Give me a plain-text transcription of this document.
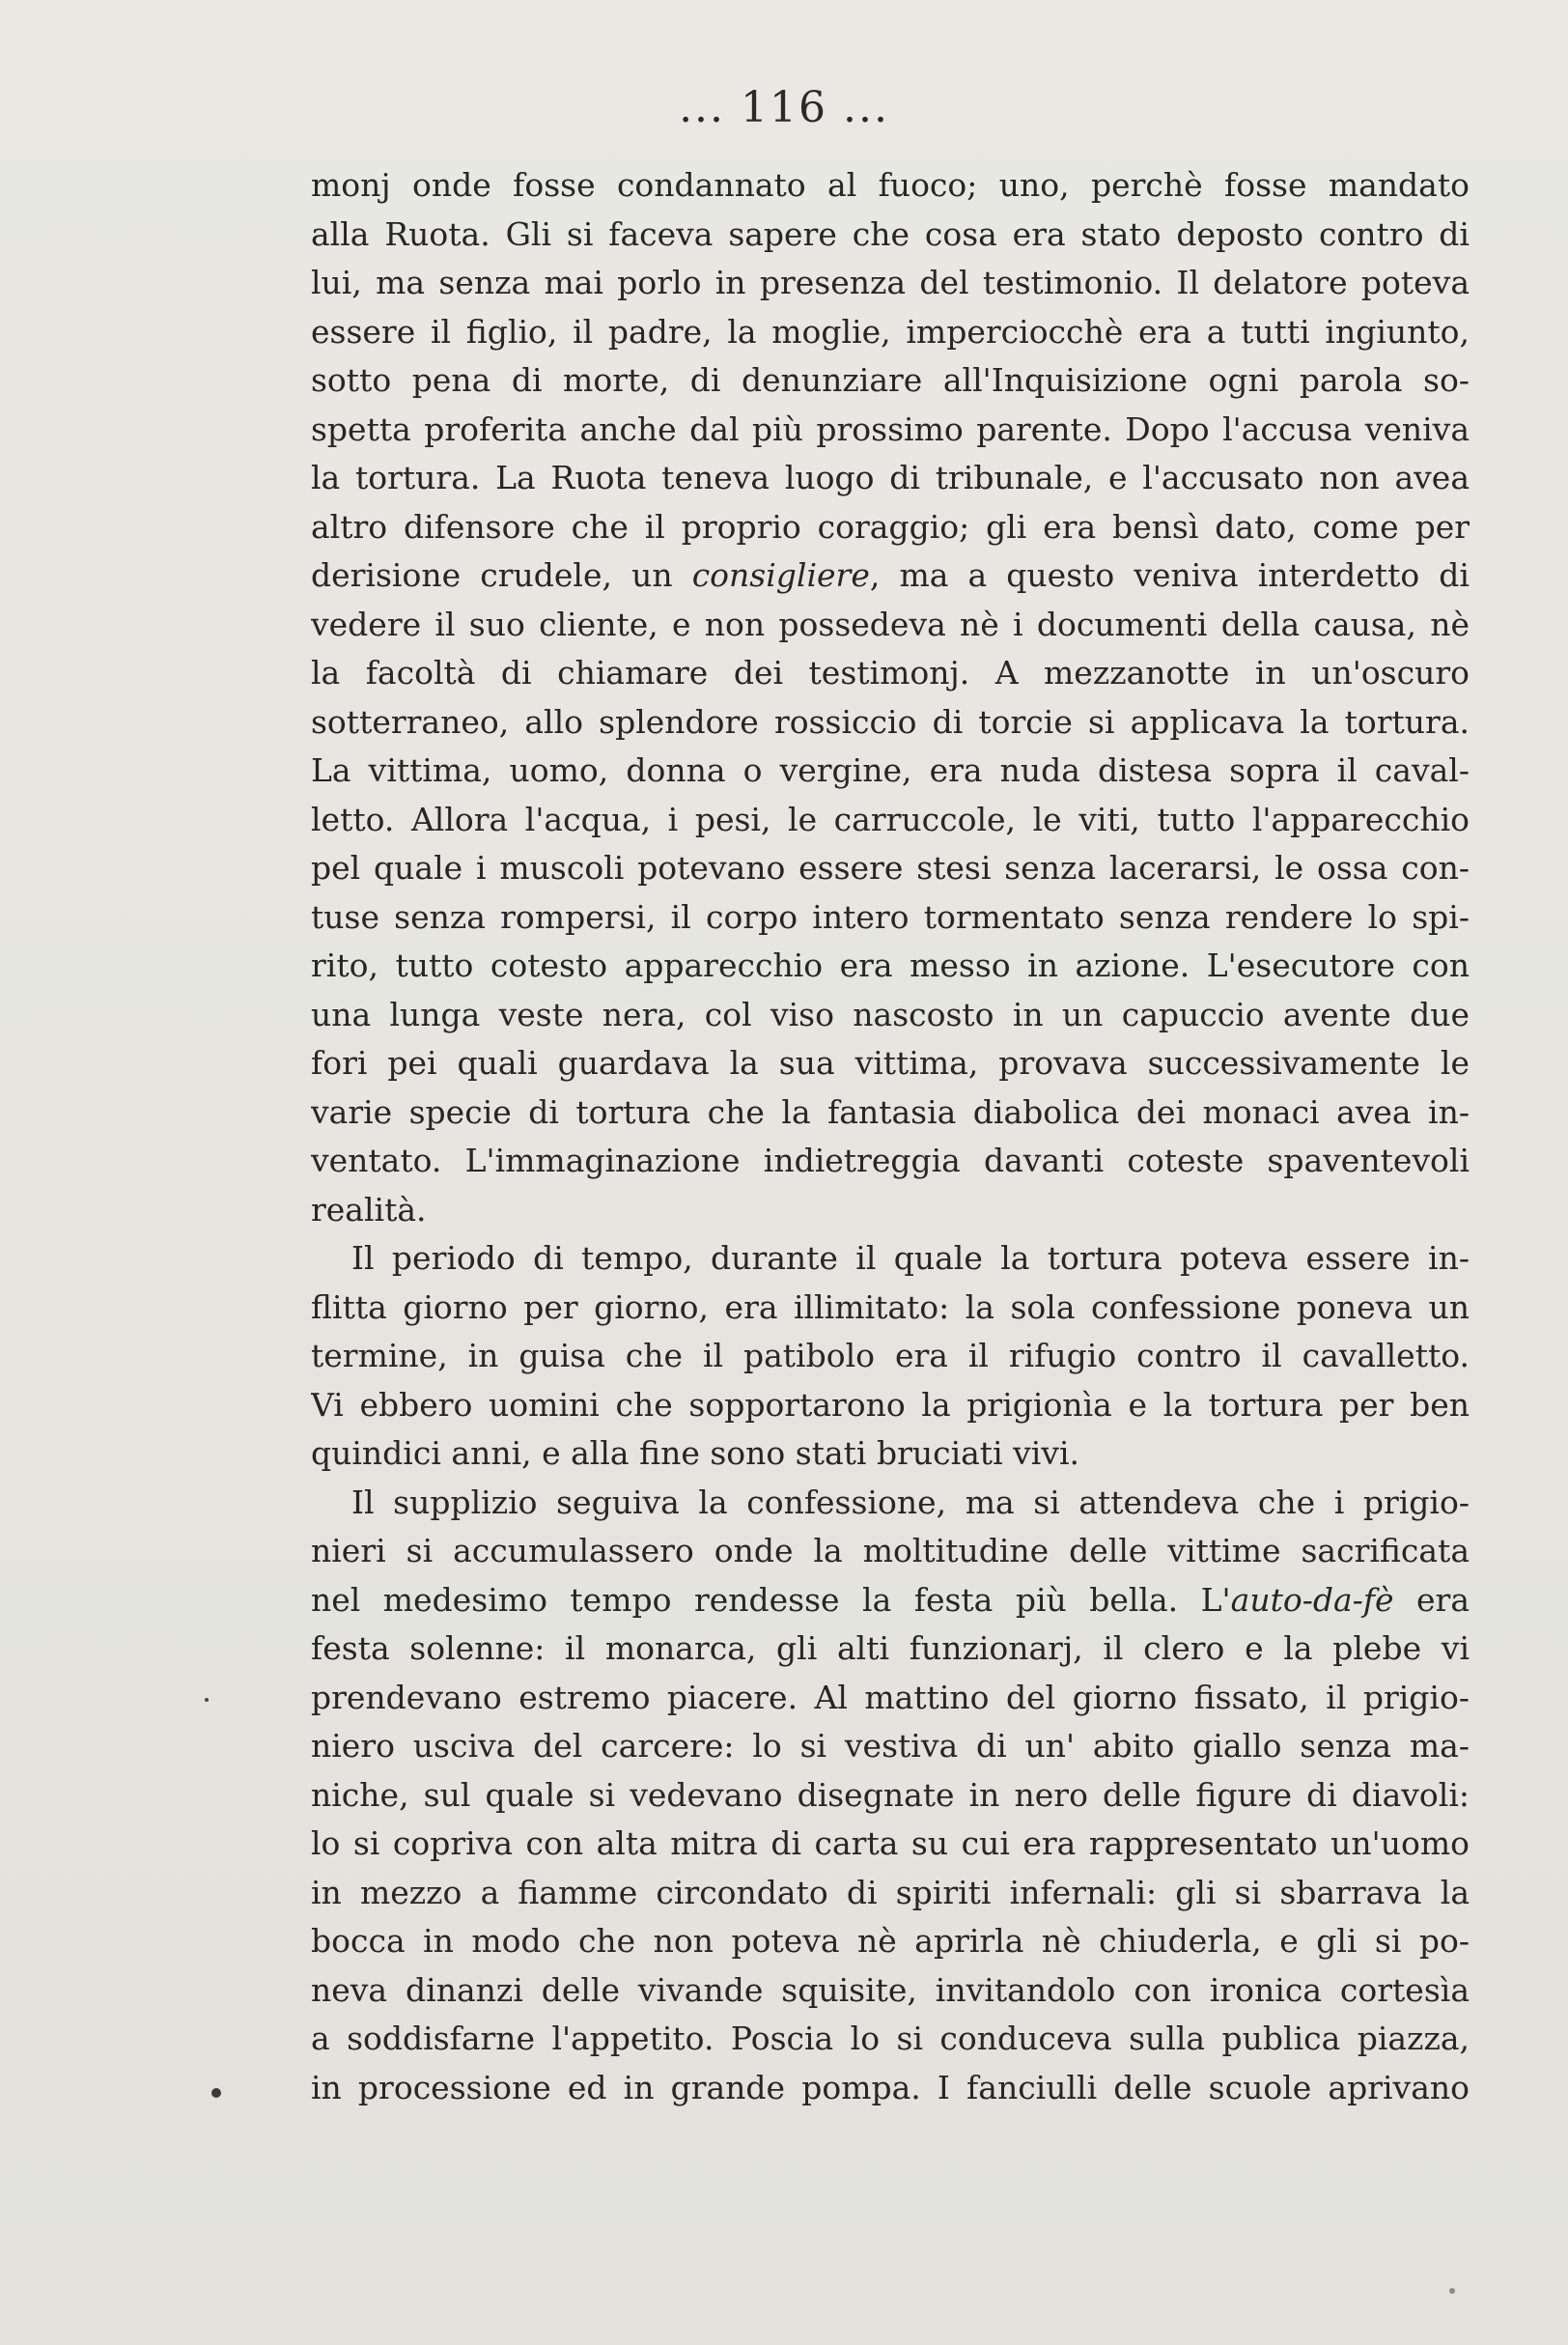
... 116 ...
monj onde fosse condannato al fuoco; uno, perchè fosse mandato
alla Ruota. Gli si faceva sapere che cosa era stato deposto contro di
lui, ma senza mai porlo in presenza del testimonio. Il delatore poteva
essere il figlio, il padre, la moglie, imperciocchè era a tutti ingiunto,
sotto pena di morte, di denunziare all'Inquisizione ogni parola so-
spetta proferita anche dal più prossimo parente. Dopo l'accusa veniva
la tortura. La Ruota teneva luogo di tribunale, e l'accusato non avea
altro difensore che il proprio coraggio; gli era bensì dato, come per
derisione crudele, un consigliere, ma a questo veniva interdetto di
vedere il suo cliente, e non possedeva nè i documenti della causa, nè
la facoltà di chiamare dei testimonj. A mezzanotte in un'oscuro
sotterraneo, allo splendore rossiccio di torcie si applicava la tortura.
La vittima, uomo, donna o vergine, era nuda distesa sopra il caval-
letto. Allora l'acqua, i pesi, le carruccole, le viti, tutto l'apparecchio
pel quale i muscoli potevano essere stesi senza lacerarsi, le ossa con-
tuse senza rompersi, il corpo intero tormentato senza rendere lo spi-
rito, tutto cotesto apparecchio era messo in azione. L'esecutore con
una lunga veste nera, col viso nascosto in un capuccio avente due
fori pei quali guardava la sua vittima, provava successivamente le
varie specie di tortura che la fantasia diabolica dei monaci avea in-
ventato. L'immaginazione indietreggia davanti coteste spaventevoli
realità.
Il periodo di tempo, durante il quale la tortura poteva essere in-
flitta giorno per giorno, era illimitato: la sola confessione poneva un
termine, in guisa che il patibolo era il rifugio contro il cavalletto.
Vi ebbero uomini che sopportarono la prigionìa e la tortura per ben
quindici anni, e alla fine sono stati bruciati vivi.
Il supplizio seguiva la confessione, ma si attendeva che i prigio-
nieri si accumulassero onde la moltitudine delle vittime sacrificata
nel medesimo tempo rendesse la festa più bella. L'auto-da-fè era
festa solenne: il monarca, gli alti funzionarj, il clero e la plebe vi
prendevano estremo piacere. Al mattino del giorno fissato, il prigio-
niero usciva del carcere: lo si vestiva di un' abito giallo senza ma-
niche, sul quale si vedevano disegnate in nero delle figure di diavoli:
lo si copriva con alta mitra di carta su cui era rappresentato un'uomo
in mezzo a fiamme circondato di spiriti infernali: gli si sbarrava la
bocca in modo che non poteva nè aprirla nè chiuderla, e gli si po-
neva dinanzi delle vivande squisite, invitandolo con ironica cortesìa
a soddisfarne l'appetito. Poscia lo si conduceva sulla publica piazza,
in processione ed in grande pompa. I fanciulli delle scuole aprivano
